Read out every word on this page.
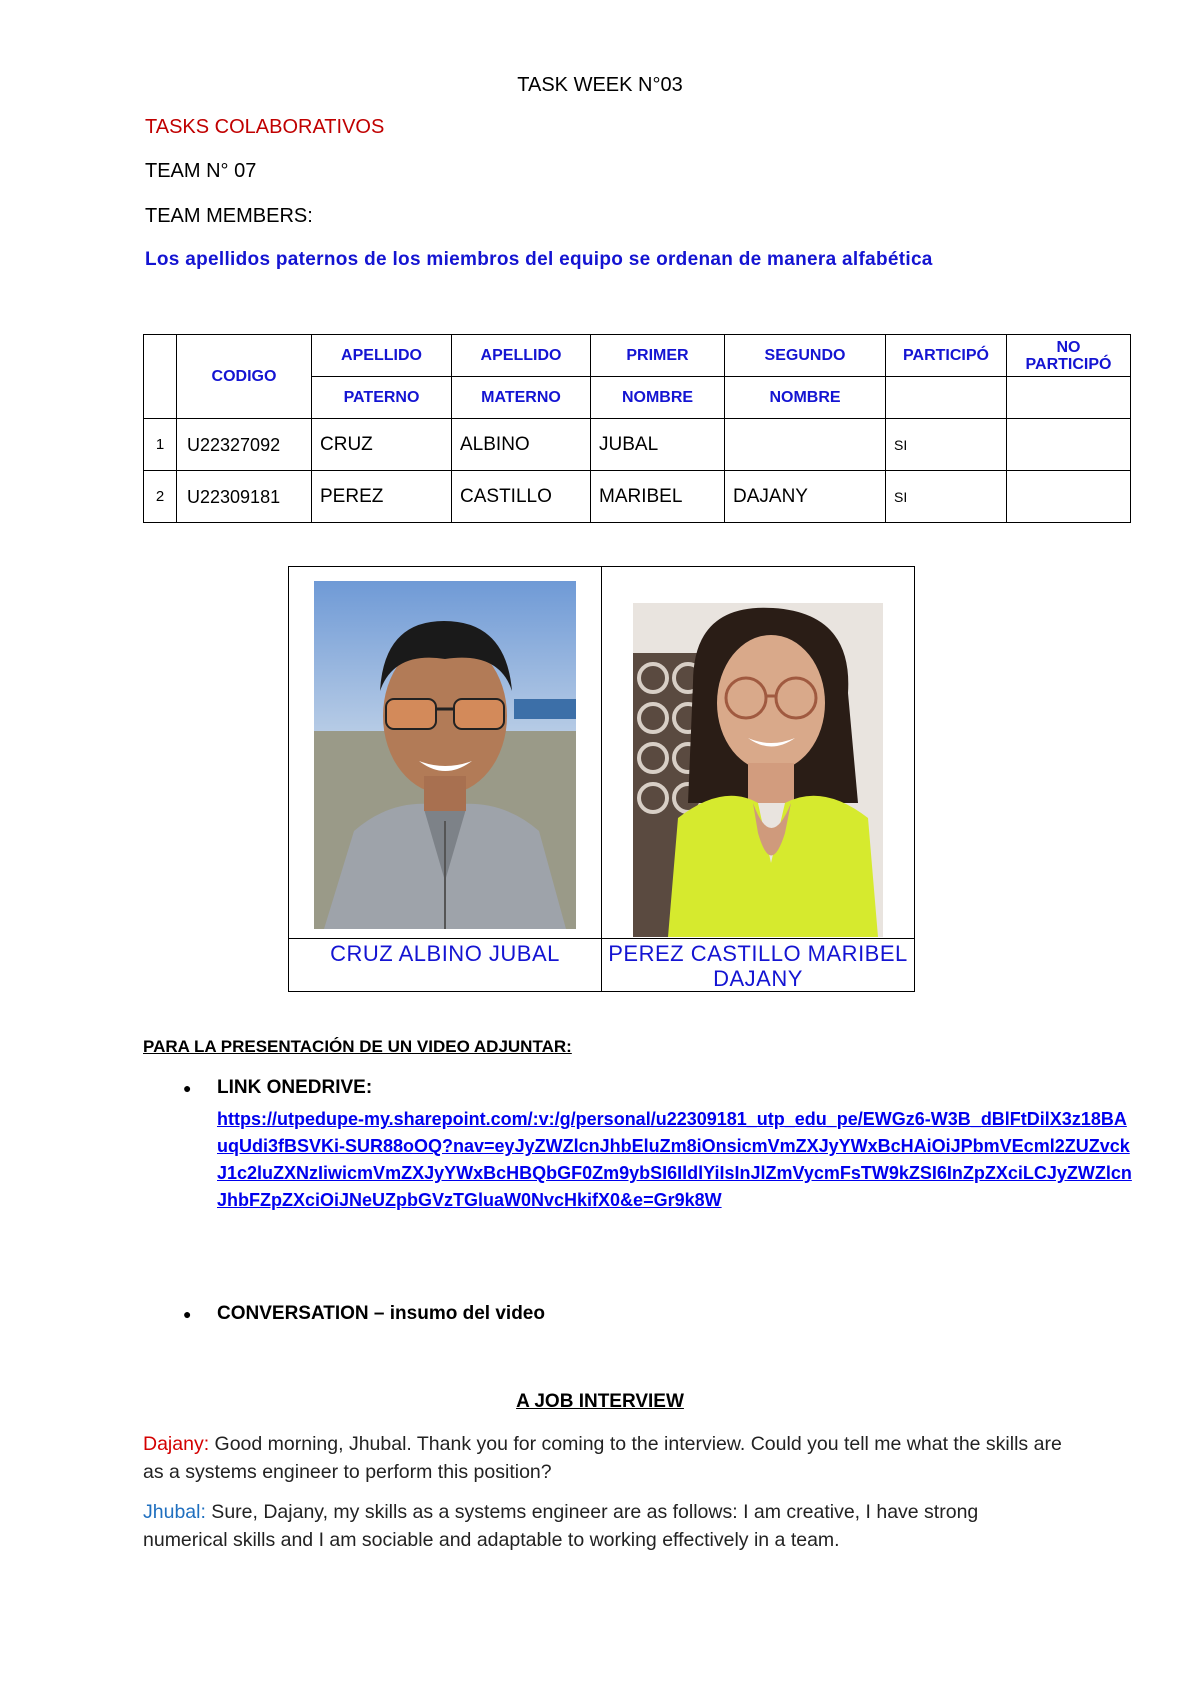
TASK WEEK N°03
TASKS COLABORATIVOS
TEAM N° 07
TEAM MEMBERS:
Los apellidos paternos de los miembros del equipo se ordenan de manera alfabética
	CODIGO	APELLIDO	APELLIDO	PRIMER	SEGUNDO	PARTICIPÓ	NO PARTICIPÓ
		PATERNO	MATERNO	NOMBRE	NOMBRE		
1	U22327092	CRUZ	ALBINO	JUBAL		SI	
2	U22309181	PEREZ	CASTILLO	MARIBEL	DAJANY	SI	

CRUZ ALBINO JUBAL	PEREZ CASTILLO MARIBEL DAJANY
PARA LA PRESENTACIÓN DE UN VIDEO ADJUNTAR:
● LINK ONEDRIVE:
https://utpedupe-my.sharepoint.com/:v:/g/personal/u22309181_utp_edu_pe/EWGz6-W3B_dBlFtDilX3z18BAuqUdi3fBSVKi-SUR88oOQ?nav=eyJyZWZlcnJhbEluZm8iOnsicmVmZXJyYWxBcHAiOiJPbmVEcml2ZUZvckJ1c2luZXNzIiwicmVmZXJyYWxBcHBQbGF0Zm9ybSI6IldlYiIsInJlZmVycmFsTW9kZSI6InZpZXciLCJyZWZlcnJhbFZpZXciOiJNeUZpbGVzTGluaW0NvcHkifX0&e=Gr9k8W
● CONVERSATION – insumo del video
A JOB INTERVIEW
Dajany: Good morning, Jhubal. Thank you for coming to the interview. Could you tell me what the skills are as a systems engineer to perform this position?
Jhubal: Sure, Dajany, my skills as a systems engineer are as follows: I am creative, I have strong numerical skills and I am sociable and adaptable to working effectively in a team.
